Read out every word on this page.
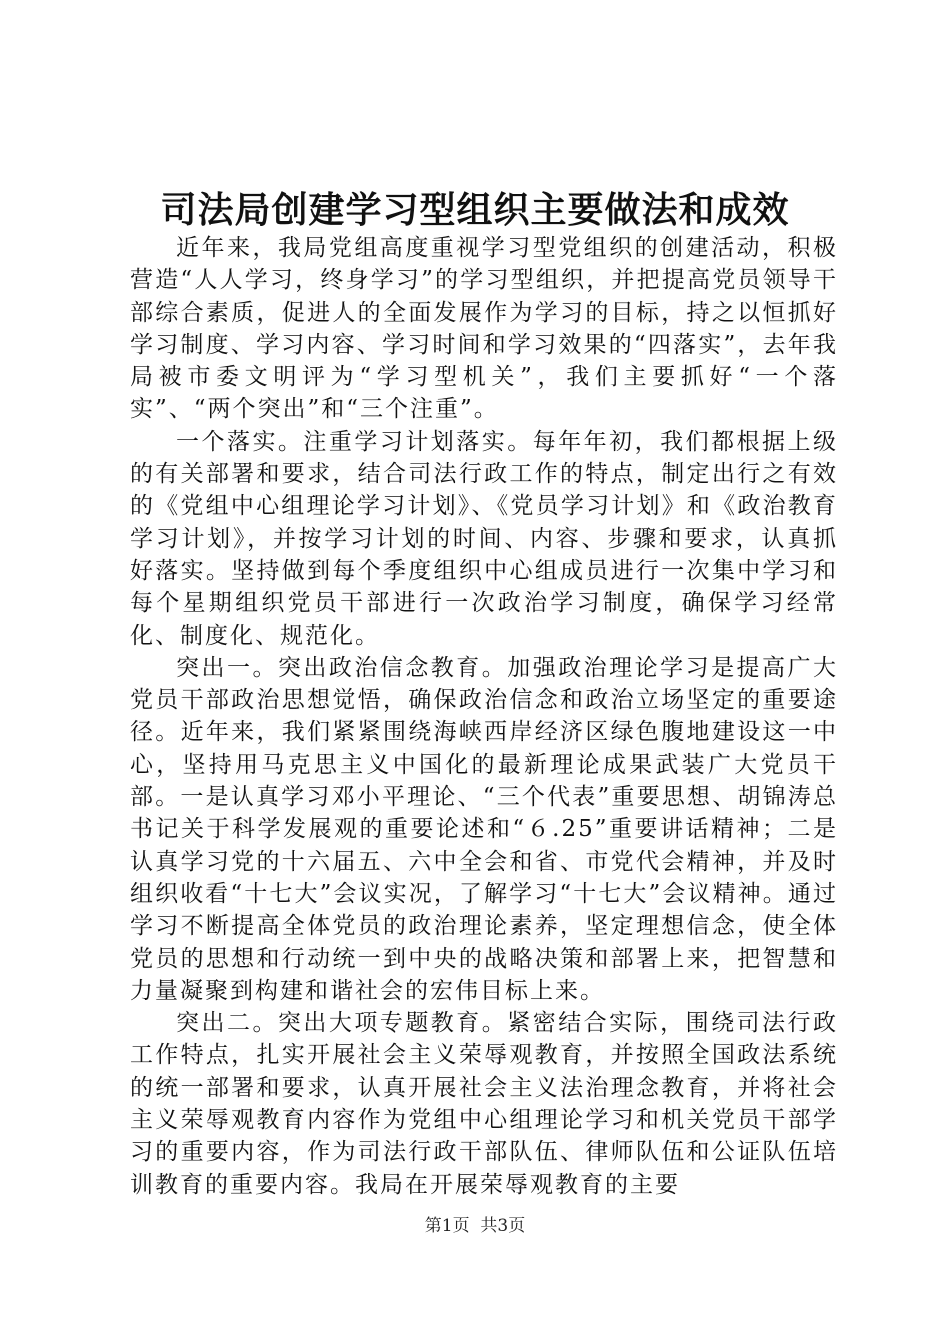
司法局创建学习型组织主要做法和成效

近年来，我局党组高度重视学习型党组织的创建活动，积极营造“人人学习，终身学习”的学习型组织，并把提高党员领导干部综合素质，促进人的全面发展作为学习的目标，持之以恒抓好学习制度、学习内容、学习时间和学习效果的“四落实”，去年我局被市委文明评为“学习型机关”，我们主要抓好“一个落实”、“两个突出”和“三个注重”。

一个落实。注重学习计划落实。每年年初，我们都根据上级的有关部署和要求，结合司法行政工作的特点，制定出行之有效的《党组中心组理论学习计划》、《党员学习计划》和《政治教育学习计划》，并按学习计划的时间、内容、步骤和要求，认真抓好落实。坚持做到每个季度组织中心组成员进行一次集中学习和每个星期组织党员干部进行一次政治学习制度，确保学习经常化、制度化、规范化。

突出一。突出政治信念教育。加强政治理论学习是提高广大党员干部政治思想觉悟，确保政治信念和政治立场坚定的重要途径。近年来，我们紧紧围绕海峡西岸经济区绿色腹地建设这一中心，坚持用马克思主义中国化的最新理论成果武装广大党员干部。一是认真学习邓小平理论、“三个代表”重要思想、胡锦涛总书记关于科学发展观的重要论述和“６.25”重要讲话精神；二是认真学习党的十六届五、六中全会和省、市党代会精神，并及时组织收看“十七大”会议实况，了解学习“十七大”会议精神。通过学习不断提高全体党员的政治理论素养，坚定理想信念，使全体党员的思想和行动统一到中央的战略决策和部署上来，把智慧和力量凝聚到构建和谐社会的宏伟目标上来。

突出二。突出大项专题教育。紧密结合实际，围绕司法行政工作特点，扎实开展社会主义荣辱观教育，并按照全国政法系统的统一部署和要求，认真开展社会主义法治理念教育，并将社会主义荣辱观教育内容作为党组中心组理论学习和机关党员干部学习的重要内容，作为司法行政干部队伍、律师队伍和公证队伍培训教育的重要内容。我局在开展荣辱观教育的主要

第1页 共3页
